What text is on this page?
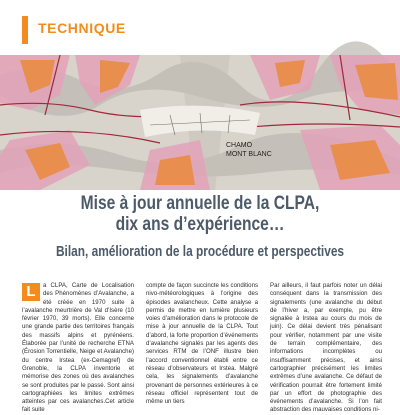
TECHNIQUE
CHAMO
MONT BLANC
Mise à jour annuelle de la CLPA,
dix ans d’expérience…
Bilan, amélioration de la procédure et perspectives
L	a CLPA, Carte de Localisation des Phénomènes d’Avalanche, a été créée en 1970 suite à l’avalanche meurtrière de Val d’Isère (10 février 1970, 39 morts). Elle concerne une grande partie des territoires français des massifs alpins et pyrénéens. Élaborée par l’unité de recherche ETNA (Érosion Torrentielle, Neige et Avalanche) du centre Irstea (ex-Cemagref) de Grenoble, la CLPA inventorie et mémorise des zones où des avalanches se sont produites par le passé. Sont ainsi cartographiées les limites extrêmes atteintes par ces avalanches.Cet article fait suite

compte de façon succincte les conditions nivo-météorologiques à l’origine des épisodes avalancheux. Cette analyse a permis de mettre en lumière plusieurs voies d’amélioration dans le protocole de mise à jour annuelle de la CLPA. Tout d’abord, la forte proportion d’événements d’avalanche signalés par les agents des services RTM de l’ONF illustre bien l’accord conventionnel établi entre ce réseau d’observateurs et Irstea. Malgré cela, les signalements d’avalanche provenant de personnes extérieures à ce réseau officiel représentent tout de même un tiers

Par ailleurs, il faut parfois noter un délai conséquent dans la transmission des signalements (une avalanche du début de l’hiver a, par exemple, pu être signalée à Irstea au cours du mois de juin). Ce délai devient très pénalisant pour vérifier, notamment par une visite de terrain complémentaire, des informations incomplètes ou insuffisamment précises, et ainsi cartographier précisément les limites extrêmes d’une avalanche. Ce défaut de vérification pourrait être fortement limité par un effort de photographie des événements d’avalanche. Si l’on fait abstraction des mauvaises conditions ni-
